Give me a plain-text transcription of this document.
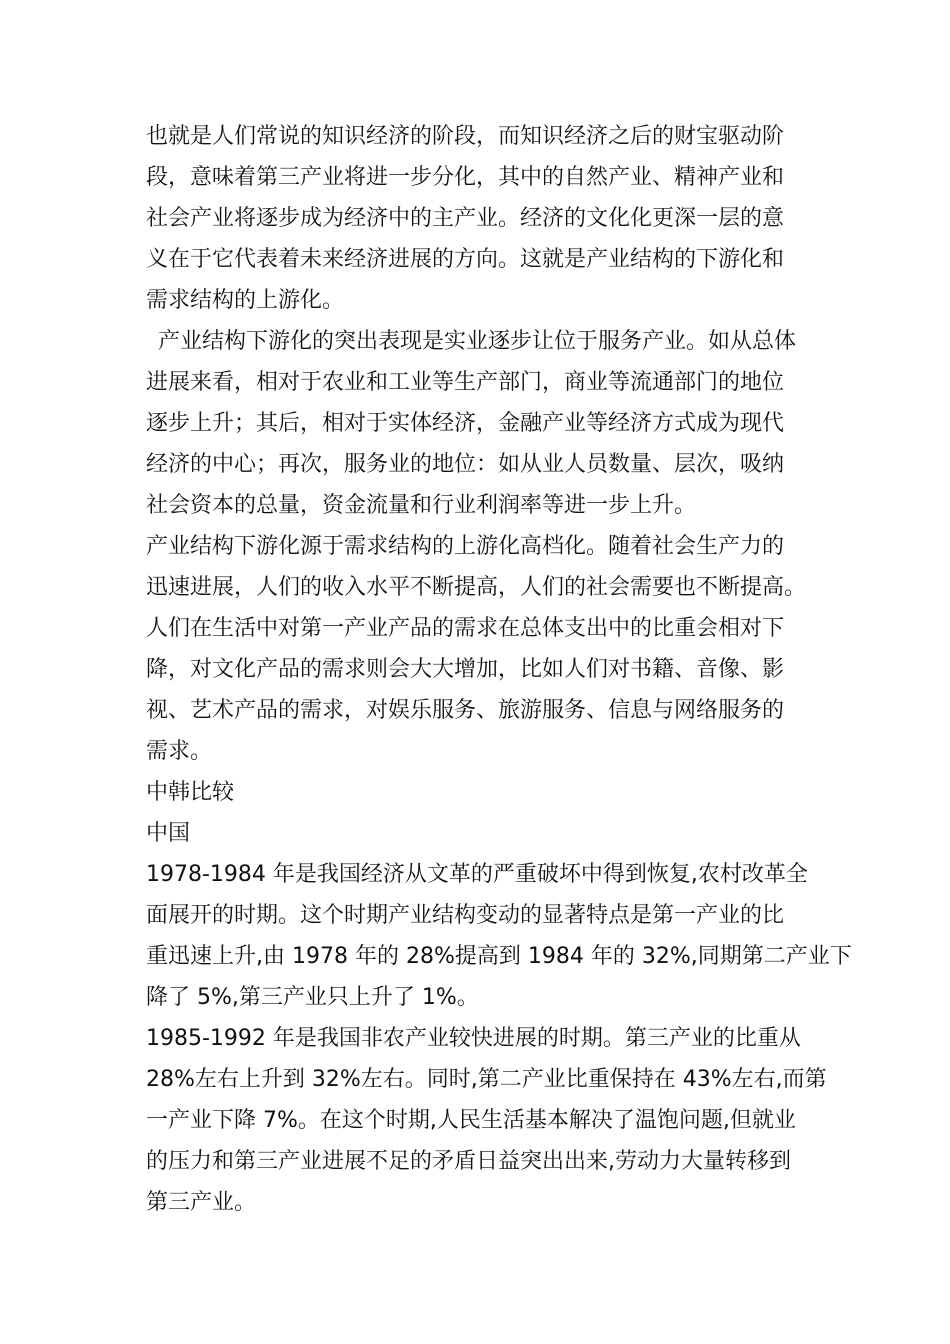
也就是人们常说的知识经济的阶段，而知识经济之后的财宝驱动阶
段，意味着第三产业将进一步分化，其中的自然产业、精神产业和
社会产业将逐步成为经济中的主产业。经济的文化化更深一层的意
义在于它代表着未来经济进展的方向。这就是产业结构的下游化和
需求结构的上游化。
产业结构下游化的突出表现是实业逐步让位于服务产业。如从总体
进展来看，相对于农业和工业等生产部门，商业等流通部门的地位
逐步上升；其后，相对于实体经济，金融产业等经济方式成为现代
经济的中心；再次，服务业的地位：如从业人员数量、层次，吸纳
社会资本的总量，资金流量和行业利润率等进一步上升。
产业结构下游化源于需求结构的上游化高档化。随着社会生产力的
迅速进展，人们的收入水平不断提高，人们的社会需要也不断提高。
人们在生活中对第一产业产品的需求在总体支出中的比重会相对下
降，对文化产品的需求则会大大增加，比如人们对书籍、音像、影
视、艺术产品的需求，对娱乐服务、旅游服务、信息与网络服务的
需求。
中韩比较
中国
1978-1984 年是我国经济从文革的严重破坏中得到恢复,农村改革全
面展开的时期。这个时期产业结构变动的显著特点是第一产业的比
重迅速上升,由 1978 年的 28%提高到 1984 年的 32%,同期第二产业下
降了 5%,第三产业只上升了 1%。
1985-1992 年是我国非农产业较快进展的时期。第三产业的比重从
28%左右上升到 32%左右。同时,第二产业比重保持在 43%左右,而第
一产业下降 7%。在这个时期,人民生活基本解决了温饱问题,但就业
的压力和第三产业进展不足的矛盾日益突出出来,劳动力大量转移到
第三产业。
